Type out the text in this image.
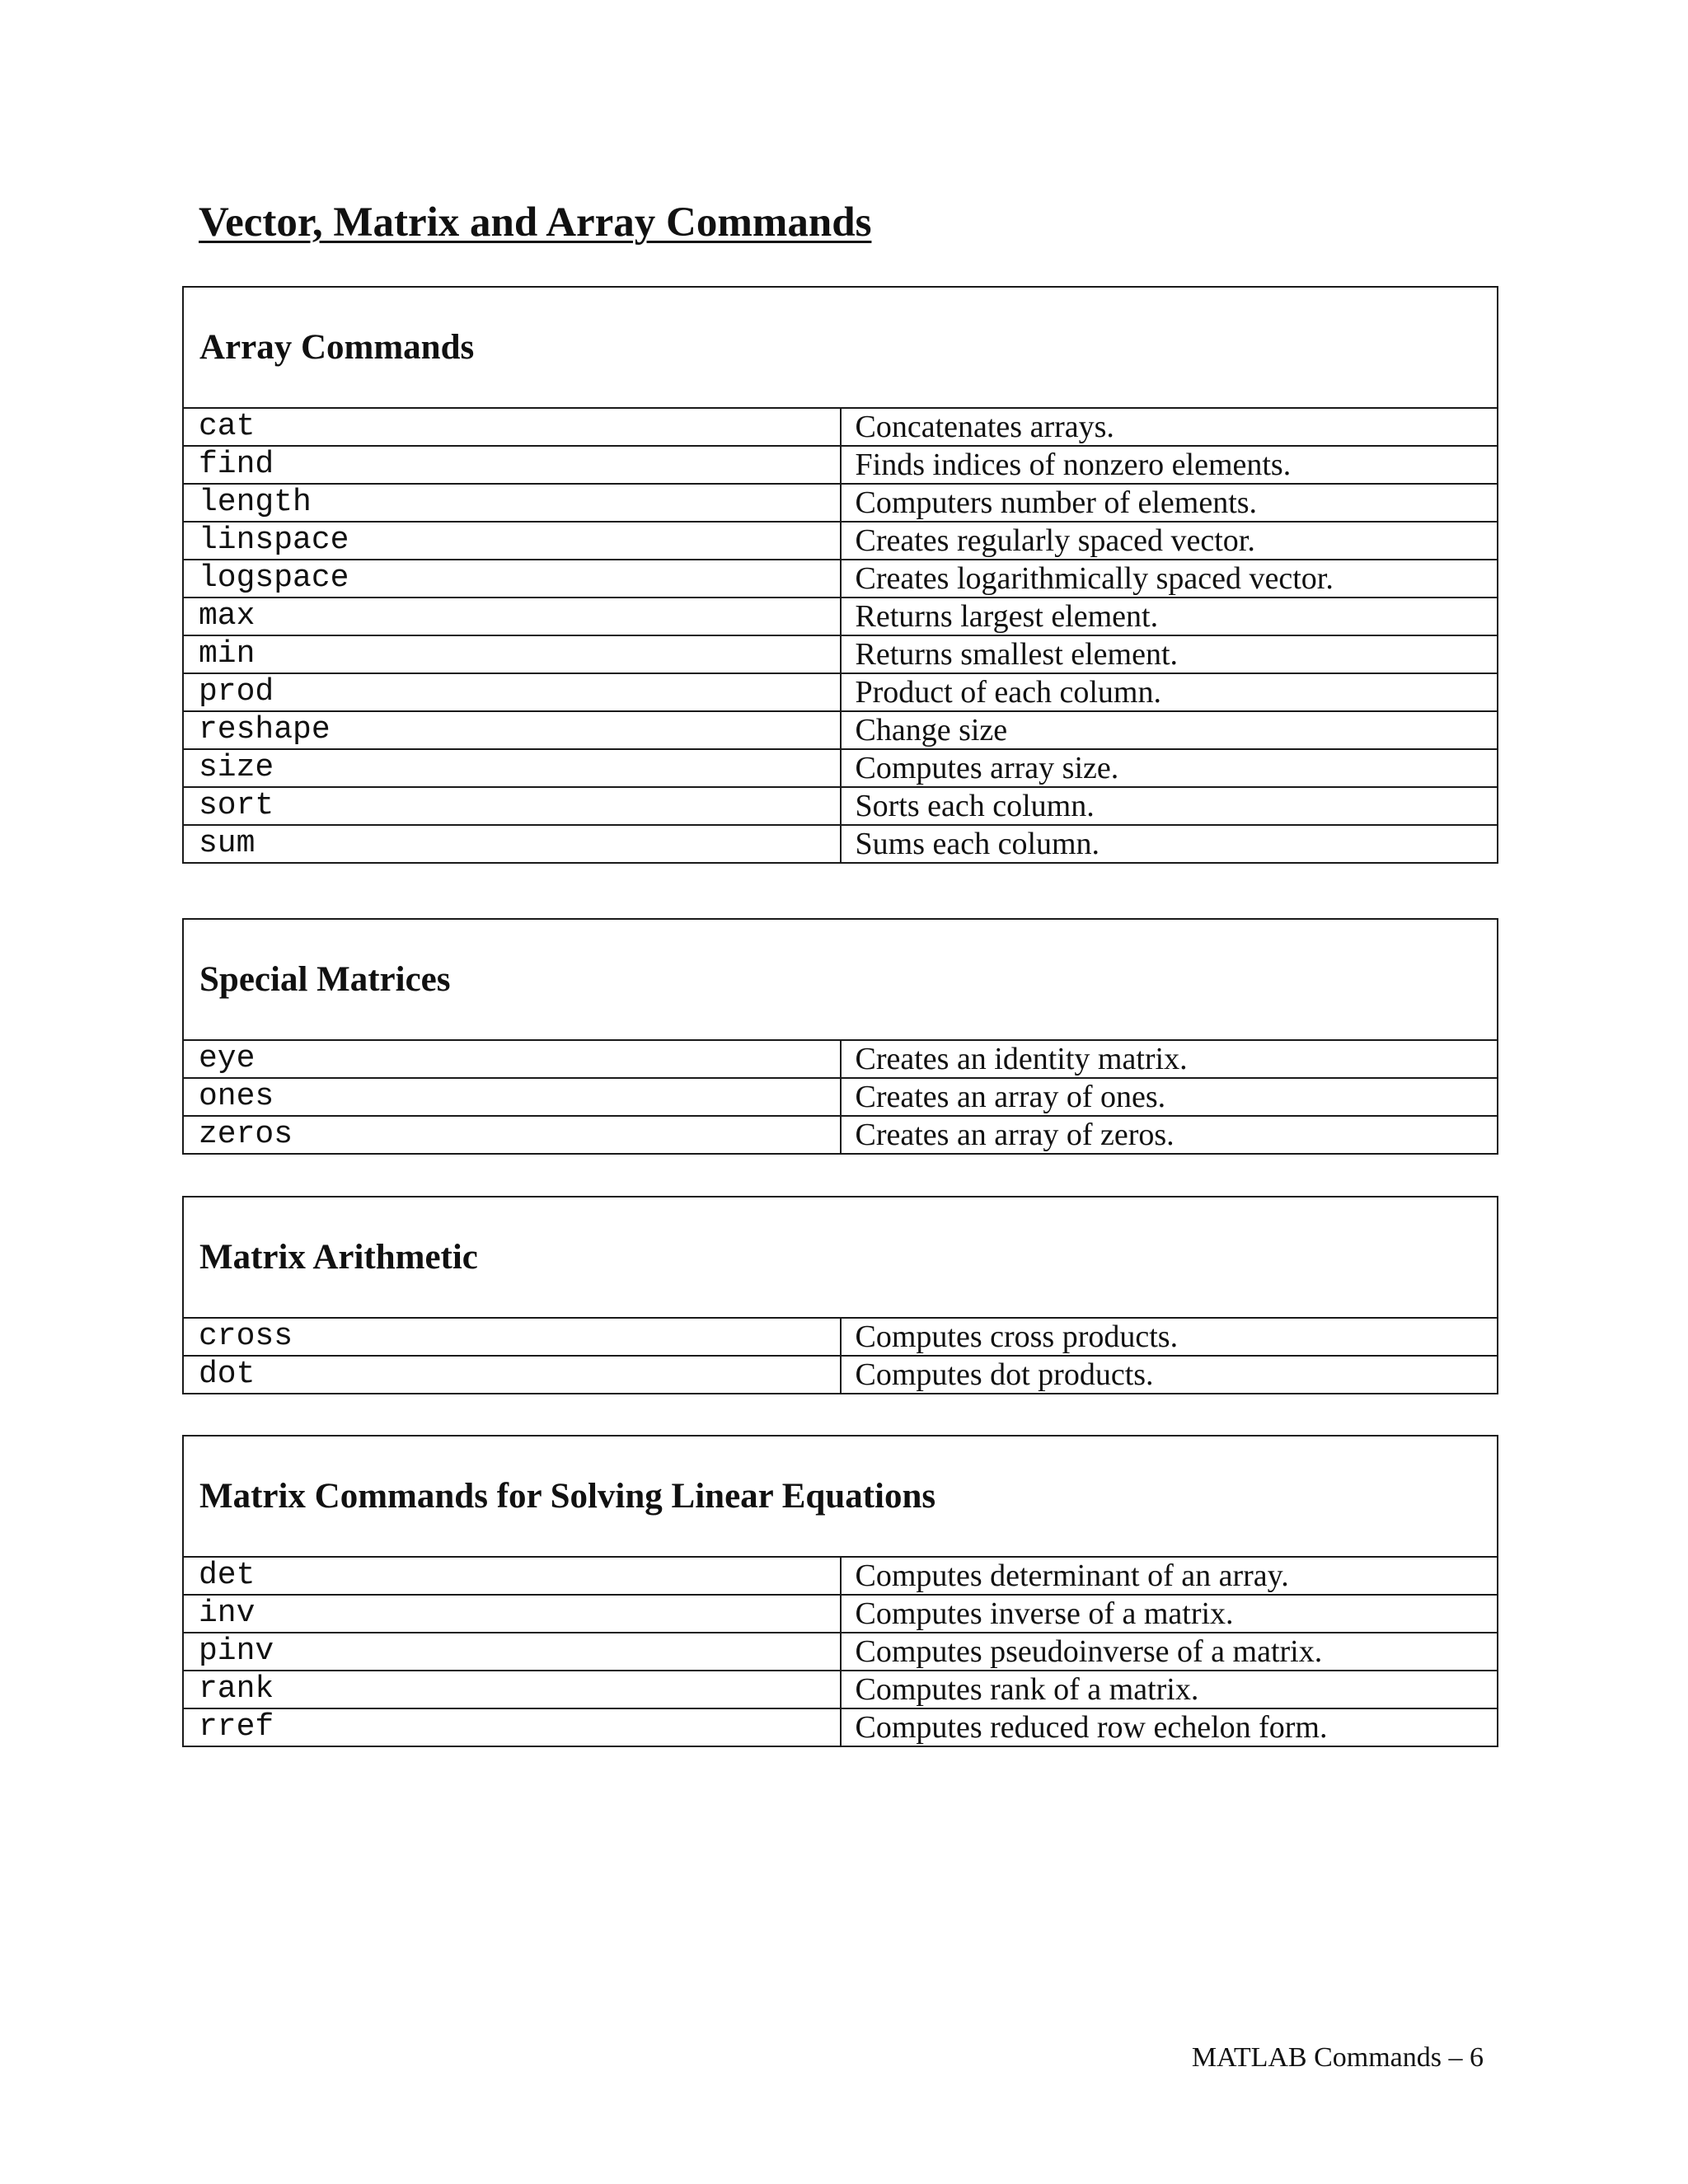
Vector, Matrix and Array Commands
Array Commands	
cat	Concatenates arrays.
find	Finds indices of nonzero elements.
length	Computers number of elements.
linspace	Creates regularly spaced vector.
logspace	Creates logarithmically spaced vector.
max	Returns largest element.
min	Returns smallest element.
prod	Product of each column.
reshape	Change size
size	Computes array size.
sort	Sorts each column.
sum	Sums each column.
Special Matrices	
eye	Creates an identity matrix.
ones	Creates an array of ones.
zeros	Creates an array of zeros.
Matrix Arithmetic	
cross	Computes cross products.
dot	Computes dot products.
Matrix Commands for Solving Linear Equations	
det	Computes determinant of an array.
inv	Computes inverse of a matrix.
pinv	Computes pseudoinverse of a matrix.
rank	Computes rank of a matrix.
rref	Computes reduced row echelon form.
MATLAB Commands – 6
